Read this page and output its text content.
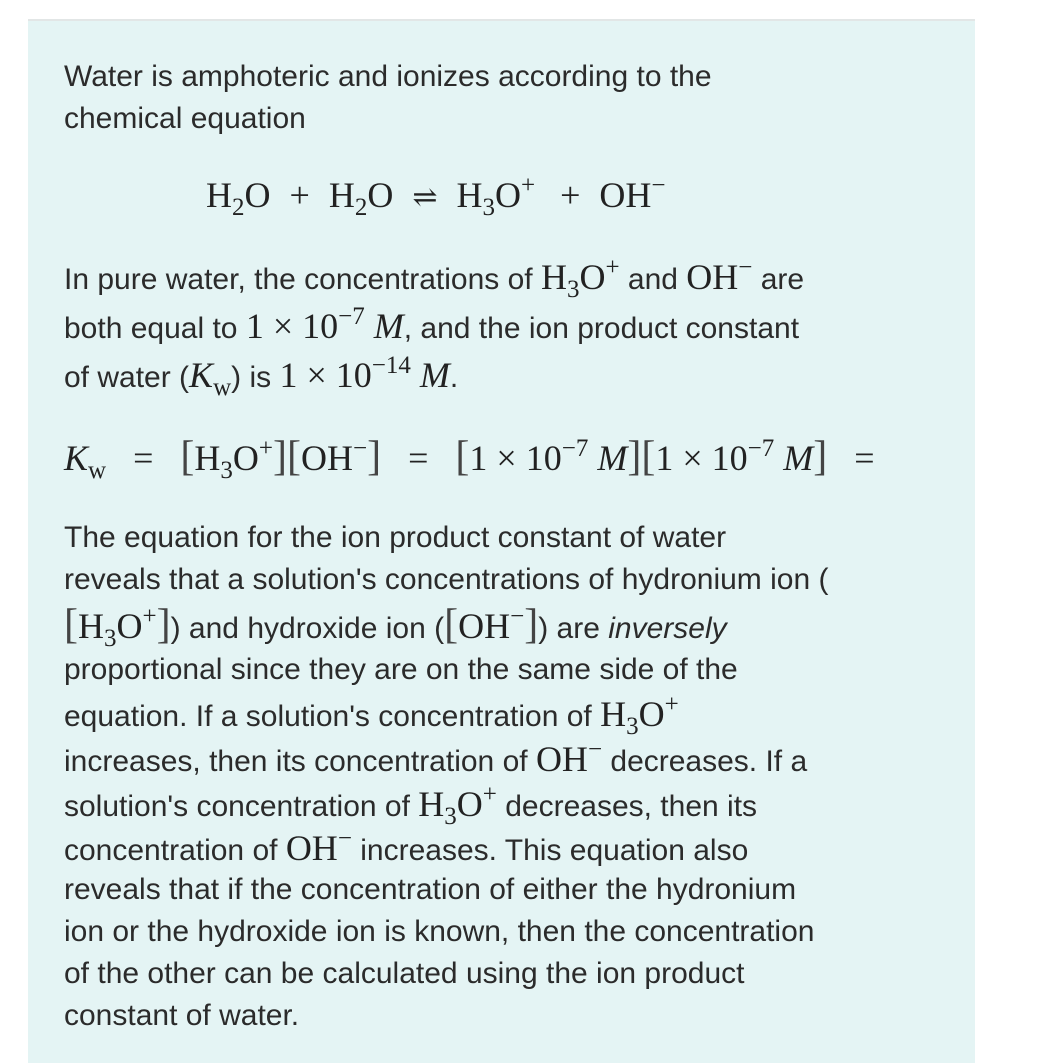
Water is amphoteric and ionizes according to the
chemical equation
$H_2O + H_2O$ ⇌ $H_3O^+ + OH^-$
In pure water, the concentrations of $H_3O^+$ and OH− are
both equal to $1 \times 10^{-7}$ M, and the ion product constant
of water $(K_w)$ is $1 \times 10^{-14}$ M.
$K_w = [H_3O^+][OH^-] = [1 \times 10^{-7}$ $M][1 \times 10^{-7}$ M] =
The equation for the ion product constant of water
reveals that a solution's concentrations of hydronium ion (
$[H_3O^+]$) and hydroxide ion ([OH−]) are inversely
proportional since they are on the same side of the
equation. If a solution's concentration of $H_3O^+$
increases, then its concentration of OH− decreases. If a
solution's concentration of $H_3O^+$ decreases, then its
concentration of OH− increases. This equation also
reveals that if the concentration of either the hydronium
ion or the hydroxide ion is known, then the concentration
of the other can be calculated using the ion product
constant of water.
